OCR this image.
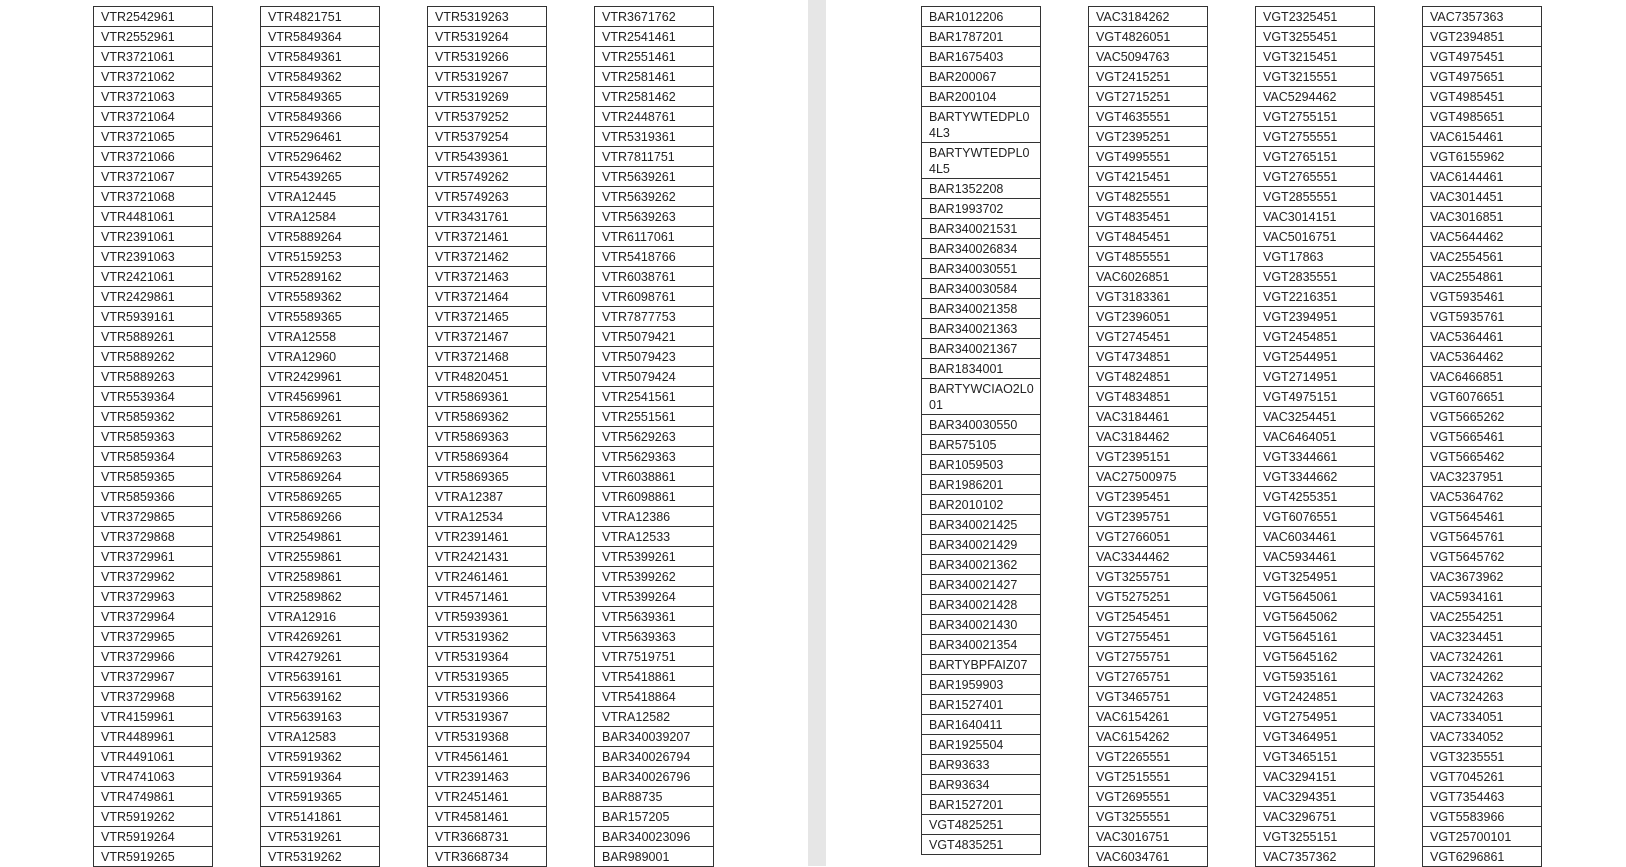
VTR2542961
VTR2552961
VTR3721061
VTR3721062
VTR3721063
VTR3721064
VTR3721065
VTR3721066
VTR3721067
VTR3721068
VTR4481061
VTR2391061
VTR2391063
VTR2421061
VTR2429861
VTR5939161
VTR5889261
VTR5889262
VTR5889263
VTR5539364
VTR5859362
VTR5859363
VTR5859364
VTR5859365
VTR5859366
VTR3729865
VTR3729868
VTR3729961
VTR3729962
VTR3729963
VTR3729964
VTR3729965
VTR3729966
VTR3729967
VTR3729968
VTR4159961
VTR4489961
VTR4491061
VTR4741063
VTR4749861
VTR5919262
VTR5919264
VTR5919265
VTR4821751
VTR5849364
VTR5849361
VTR5849362
VTR5849365
VTR5849366
VTR5296461
VTR5296462
VTR5439265
VTRA12445
VTRA12584
VTR5889264
VTR5159253
VTR5289162
VTR5589362
VTR5589365
VTRA12558
VTRA12960
VTR2429961
VTR4569961
VTR5869261
VTR5869262
VTR5869263
VTR5869264
VTR5869265
VTR5869266
VTR2549861
VTR2559861
VTR2589861
VTR2589862
VTRA12916
VTR4269261
VTR4279261
VTR5639161
VTR5639162
VTR5639163
VTRA12583
VTR5919362
VTR5919364
VTR5919365
VTR5141861
VTR5319261
VTR5319262
VTR5319263
VTR5319264
VTR5319266
VTR5319267
VTR5319269
VTR5379252
VTR5379254
VTR5439361
VTR5749262
VTR5749263
VTR3431761
VTR3721461
VTR3721462
VTR3721463
VTR3721464
VTR3721465
VTR3721467
VTR3721468
VTR4820451
VTR5869361
VTR5869362
VTR5869363
VTR5869364
VTR5869365
VTRA12387
VTRA12534
VTR2391461
VTR2421431
VTR2461461
VTR4571461
VTR5939361
VTR5319362
VTR5319364
VTR5319365
VTR5319366
VTR5319367
VTR5319368
VTR4561461
VTR2391463
VTR2451461
VTR4581461
VTR3668731
VTR3668734
VTR3671762
VTR2541461
VTR2551461
VTR2581461
VTR2581462
VTR2448761
VTR5319361
VTR7811751
VTR5639261
VTR5639262
VTR5639263
VTR6117061
VTR5418766
VTR6038761
VTR6098761
VTR7877753
VTR5079421
VTR5079423
VTR5079424
VTR2541561
VTR2551561
VTR5629263
VTR5629363
VTR6038861
VTR6098861
VTRA12386
VTRA12533
VTR5399261
VTR5399262
VTR5399264
VTR5639361
VTR5639363
VTR7519751
VTR5418861
VTR5418864
VTRA12582
BAR340039207
BAR340026794
BAR340026796
BAR88735
BAR157205
BAR340023096
BAR989001
BAR1012206
BAR1787201
BAR1675403
BAR200067
BAR200104
BARTYWTEDPL04L3
BARTYWTEDPL04L5
BAR1352208
BAR1993702
BAR340021531
BAR340026834
BAR340030551
BAR340030584
BAR340021358
BAR340021363
BAR340021367
BAR1834001
BARTYWCIAO2L001
BAR340030550
BAR575105
BAR1059503
BAR1986201
BAR2010102
BAR340021425
BAR340021429
BAR340021362
BAR340021427
BAR340021428
BAR340021430
BAR340021354
BARTYBPFAIZ07
BAR1959903
BAR1527401
BAR1640411
BAR1925504
BAR93633
BAR93634
BAR1527201
VGT4825251
VGT4835251
VAC3184262
VGT4826051
VAC5094763
VGT2415251
VGT2715251
VGT4635551
VGT2395251
VGT4995551
VGT4215451
VGT4825551
VGT4835451
VGT4845451
VGT4855551
VAC6026851
VGT3183361
VGT2396051
VGT2745451
VGT4734851
VGT4824851
VGT4834851
VAC3184461
VAC3184462
VGT2395151
VAC27500975
VGT2395451
VGT2395751
VGT2766051
VAC3344462
VGT3255751
VGT5275251
VGT2545451
VGT2755451
VGT2755751
VGT2765751
VGT3465751
VAC6154261
VAC6154262
VGT2265551
VGT2515551
VGT2695551
VGT3255551
VAC3016751
VAC6034761
VGT2325451
VGT3255451
VGT3215451
VGT3215551
VAC5294462
VGT2755151
VGT2755551
VGT2765151
VGT2765551
VGT2855551
VAC3014151
VAC5016751
VGT17863
VGT2835551
VGT2216351
VGT2394951
VGT2454851
VGT2544951
VGT2714951
VGT4975151
VAC3254451
VAC6464051
VGT3344661
VGT3344662
VGT4255351
VGT6076551
VAC6034461
VAC5934461
VGT3254951
VGT5645061
VGT5645062
VGT5645161
VGT5645162
VGT5935161
VGT2424851
VGT2754951
VGT3464951
VGT3465151
VAC3294151
VAC3294351
VAC3296751
VGT3255151
VAC7357362
VAC7357363
VGT2394851
VGT4975451
VGT4975651
VGT4985451
VGT4985651
VAC6154461
VGT6155962
VAC6144461
VAC3014451
VAC3016851
VAC5644462
VAC2554561
VAC2554861
VGT5935461
VGT5935761
VAC5364461
VAC5364462
VAC6466851
VGT6076651
VGT5665262
VGT5665461
VGT5665462
VAC3237951
VAC5364762
VGT5645461
VGT5645761
VGT5645762
VAC3673962
VAC5934161
VAC2554251
VAC3234451
VAC7324261
VAC7324262
VAC7324263
VAC7334051
VAC7334052
VGT3235551
VGT7045261
VGT7354463
VGT5583966
VGT25700101
VGT6296861
